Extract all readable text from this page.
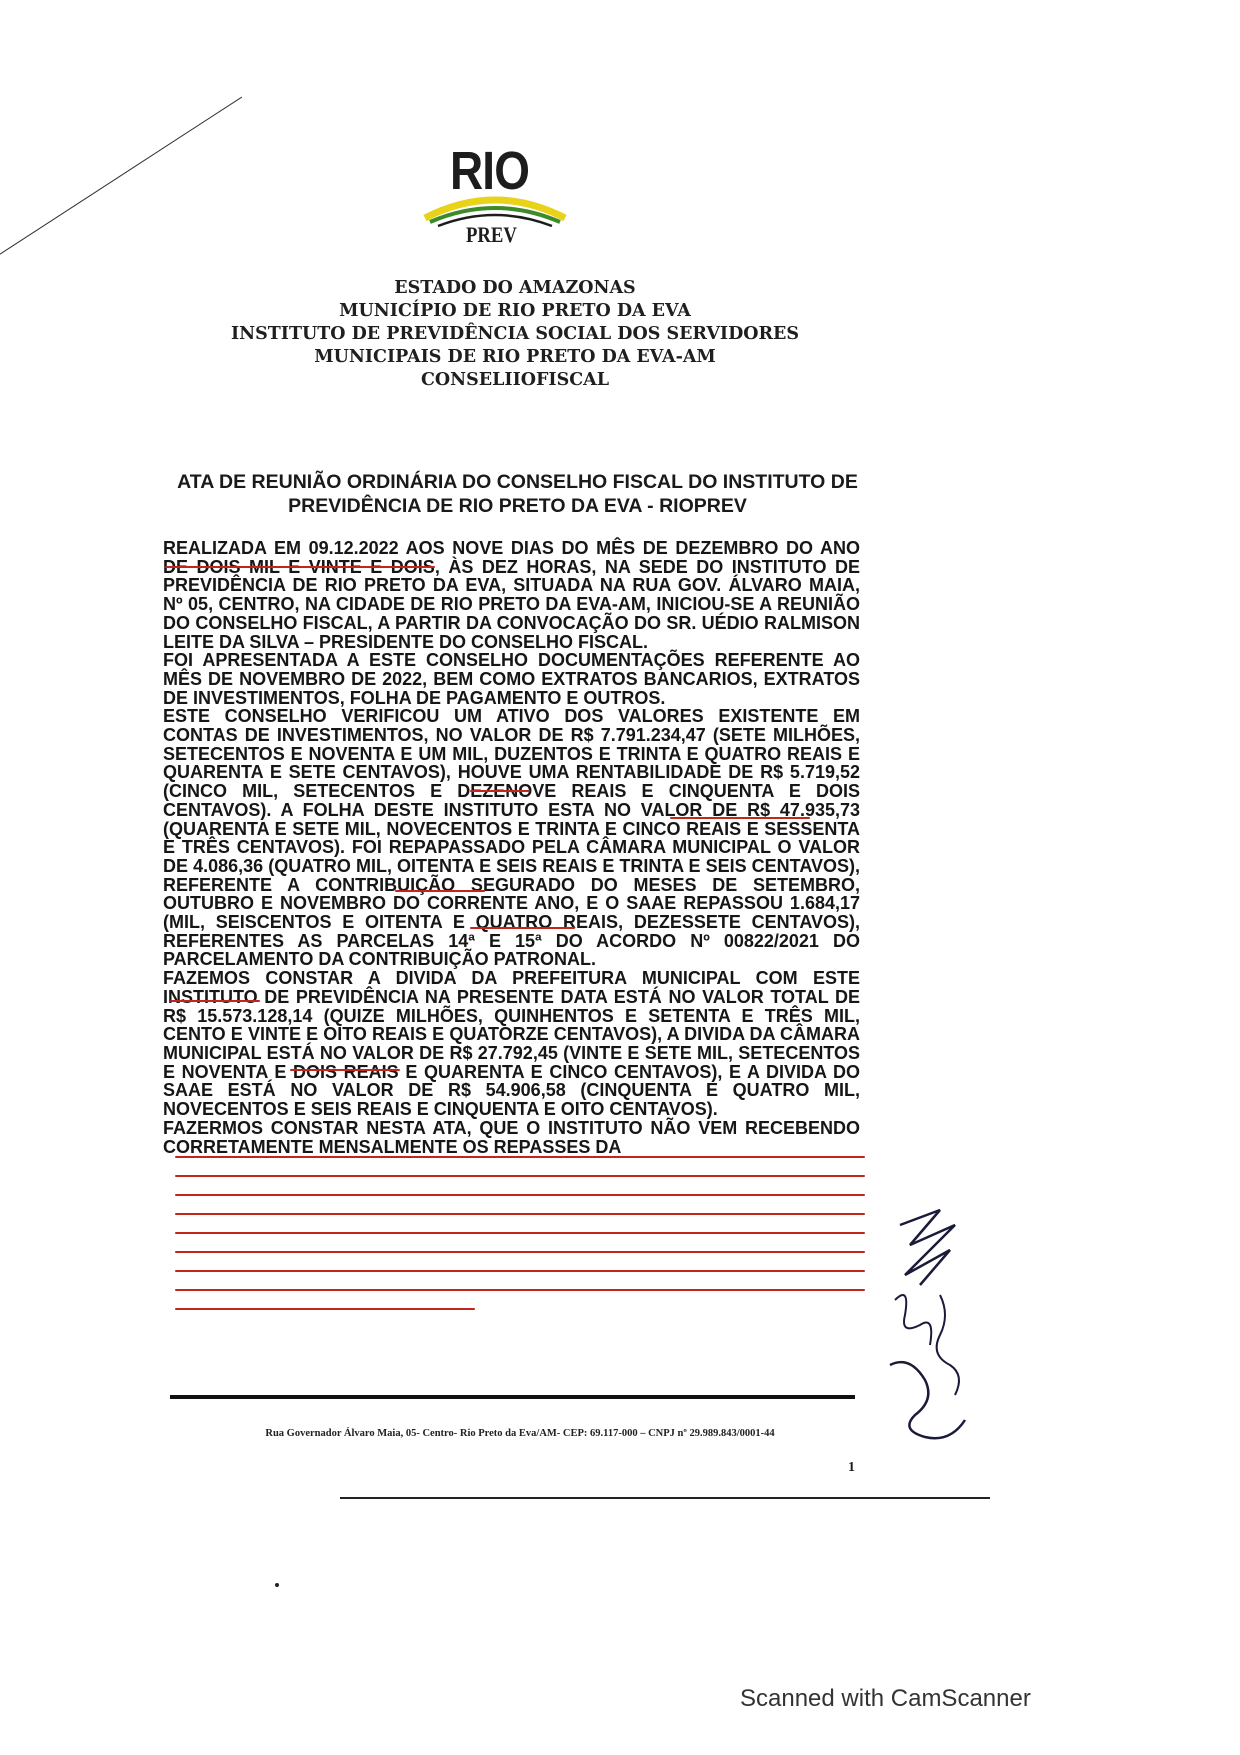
RIO
PREV
ESTADO DO AMAZONAS
MUNICÍPIO DE RIO PRETO DA EVA
INSTITUTO DE PREVIDÊNCIA SOCIAL DOS SERVIDORES
MUNICIPAIS DE RIO PRETO DA EVA-AM
CONSELIIOFISCAL
ATA DE REUNIÃO ORDINÁRIA DO CONSELHO FISCAL DO INSTITUTO DE
PREVIDÊNCIA DE RIO PRETO DA EVA - RIOPREV

REALIZADA EM 09.12.2022 AOS NOVE DIAS DO MÊS DE DEZEMBRO DO ANO DE DOIS MIL E VINTE E DOIS, ÀS DEZ HORAS, NA SEDE DO INSTITUTO DE PREVIDÊNCIA DE RIO PRETO DA EVA, SITUADA NA RUA GOV. ÁLVARO MAIA, Nº 05, CENTRO, NA CIDADE DE RIO PRETO DA EVA-AM, INICIOU-SE A REUNIÃO DO CONSELHO FISCAL, A PARTIR DA CONVOCAÇÃO DO SR. UÉDIO RALMISON LEITE DA SILVA – PRESIDENTE DO CONSELHO FISCAL.

FOI APRESENTADA A ESTE CONSELHO DOCUMENTAÇÕES REFERENTE AO MÊS DE NOVEMBRO DE 2022, BEM COMO EXTRATOS BANCARIOS, EXTRATOS DE INVESTIMENTOS, FOLHA DE PAGAMENTO E OUTROS.

ESTE CONSELHO VERIFICOU UM ATIVO DOS VALORES EXISTENTE EM CONTAS DE INVESTIMENTOS, NO VALOR DE R$ 7.791.234,47 (SETE MILHÕES, SETECENTOS E NOVENTA E UM MIL, DUZENTOS E TRINTA E QUATRO REAIS E QUARENTA E SETE CENTAVOS), HOUVE UMA RENTABILIDADE DE R$ 5.719,52 (CINCO MIL, SETECENTOS E DEZENOVE REAIS E CINQUENTA E DOIS CENTAVOS). A FOLHA DESTE INSTITUTO ESTA NO VALOR DE R$ 47.935,73 (QUARENTA E SETE MIL, NOVECENTOS E TRINTA E CINCO REAIS E SESSENTA E TRÊS CENTAVOS). FOI REPAPASSADO PELA CÂMARA MUNICIPAL O VALOR DE 4.086,36 (QUATRO MIL, OITENTA E SEIS REAIS E TRINTA E SEIS CENTAVOS), REFERENTE A CONTRIBUIÇÃO SEGURADO DO MESES DE SETEMBRO, OUTUBRO E NOVEMBRO DO CORRENTE ANO, E O SAAE REPASSOU 1.684,17 (MIL, SEISCENTOS E OITENTA E QUATRO REAIS, DEZESSETE CENTAVOS), REFERENTES AS PARCELAS 14ª E 15ª DO ACORDO Nº 00822/2021 DO PARCELAMENTO DA CONTRIBUIÇÃO PATRONAL.

FAZEMOS CONSTAR A DIVIDA DA PREFEITURA MUNICIPAL COM ESTE INSTITUTO DE PREVIDÊNCIA NA PRESENTE DATA ESTÁ NO VALOR TOTAL DE R$ 15.573.128,14 (QUIZE MILHÕES, QUINHENTOS E SETENTA E TRÊS MIL, CENTO E VINTE E OITO REAIS E QUATORZE CENTAVOS), A DIVIDA DA CÂMARA MUNICIPAL ESTÁ NO VALOR DE R$ 27.792,45 (VINTE E SETE MIL, SETECENTOS E NOVENTA E DOIS REAIS E QUARENTA E CINCO CENTAVOS), E A DIVIDA DO SAAE ESTÁ NO VALOR DE R$ 54.906,58 (CINQUENTA E QUATRO MIL, NOVECENTOS E SEIS REAIS E CINQUENTA E OITO CENTAVOS).

FAZERMOS CONSTAR NESTA ATA, QUE O INSTITUTO NÃO VEM RECEBENDO CORRETAMENTE MENSALMENTE OS REPASSES DA

Rua Governador Álvaro Maia, 05- Centro- Rio Preto da Eva/AM- CEP: 69.117-000 – CNPJ nº 29.989.843/0001-44
1
Scanned with CamScanner
